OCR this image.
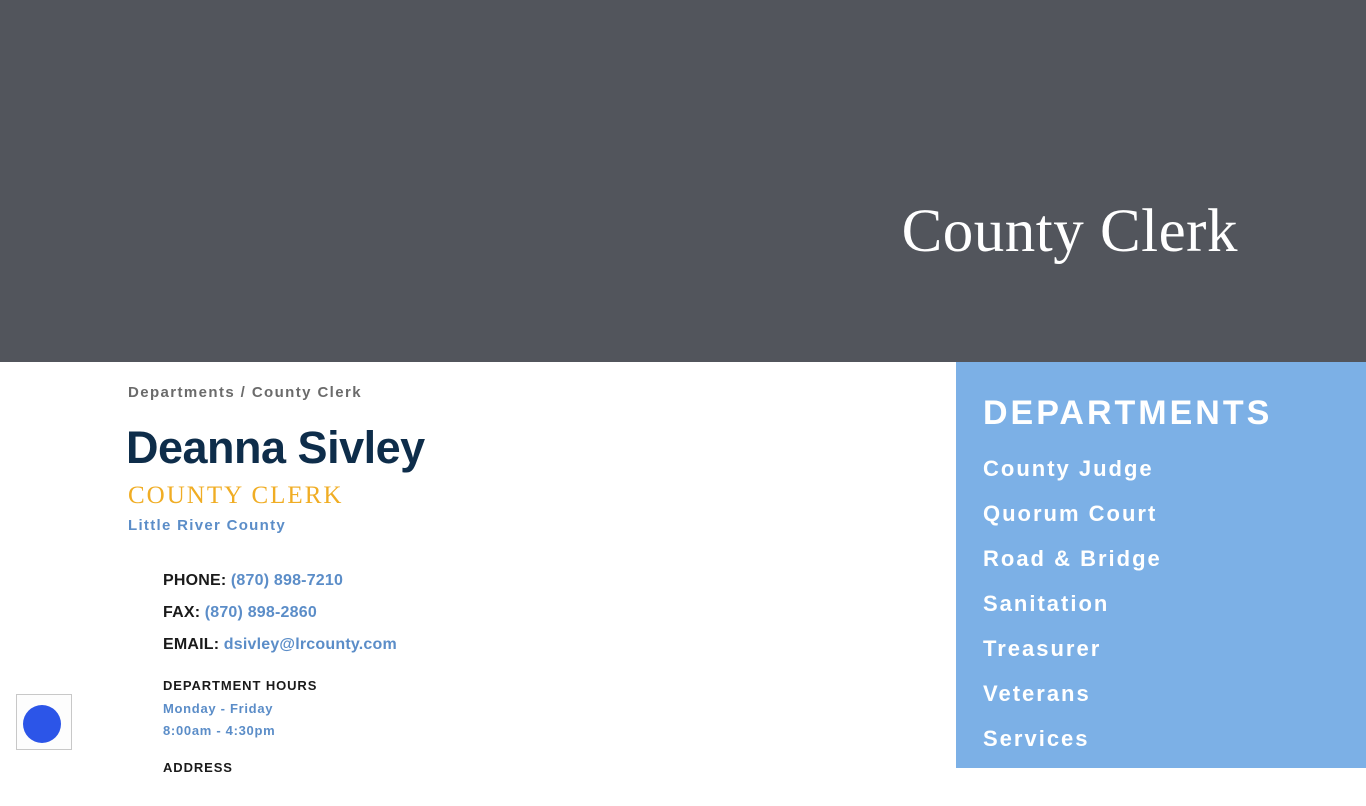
County Clerk
Departments / County Clerk
Deanna Sivley
COUNTY CLERK
Little River County
PHONE: (870) 898-7210
FAX: (870) 898-2860
EMAIL: dsivley@lrcounty.com
DEPARTMENT HOURS
Monday - Friday
8:00am - 4:30pm
ADDRESS
DEPARTMENTS
County Judge
Quorum Court
Road & Bridge
Sanitation
Treasurer
Veterans
Services
Coroner
